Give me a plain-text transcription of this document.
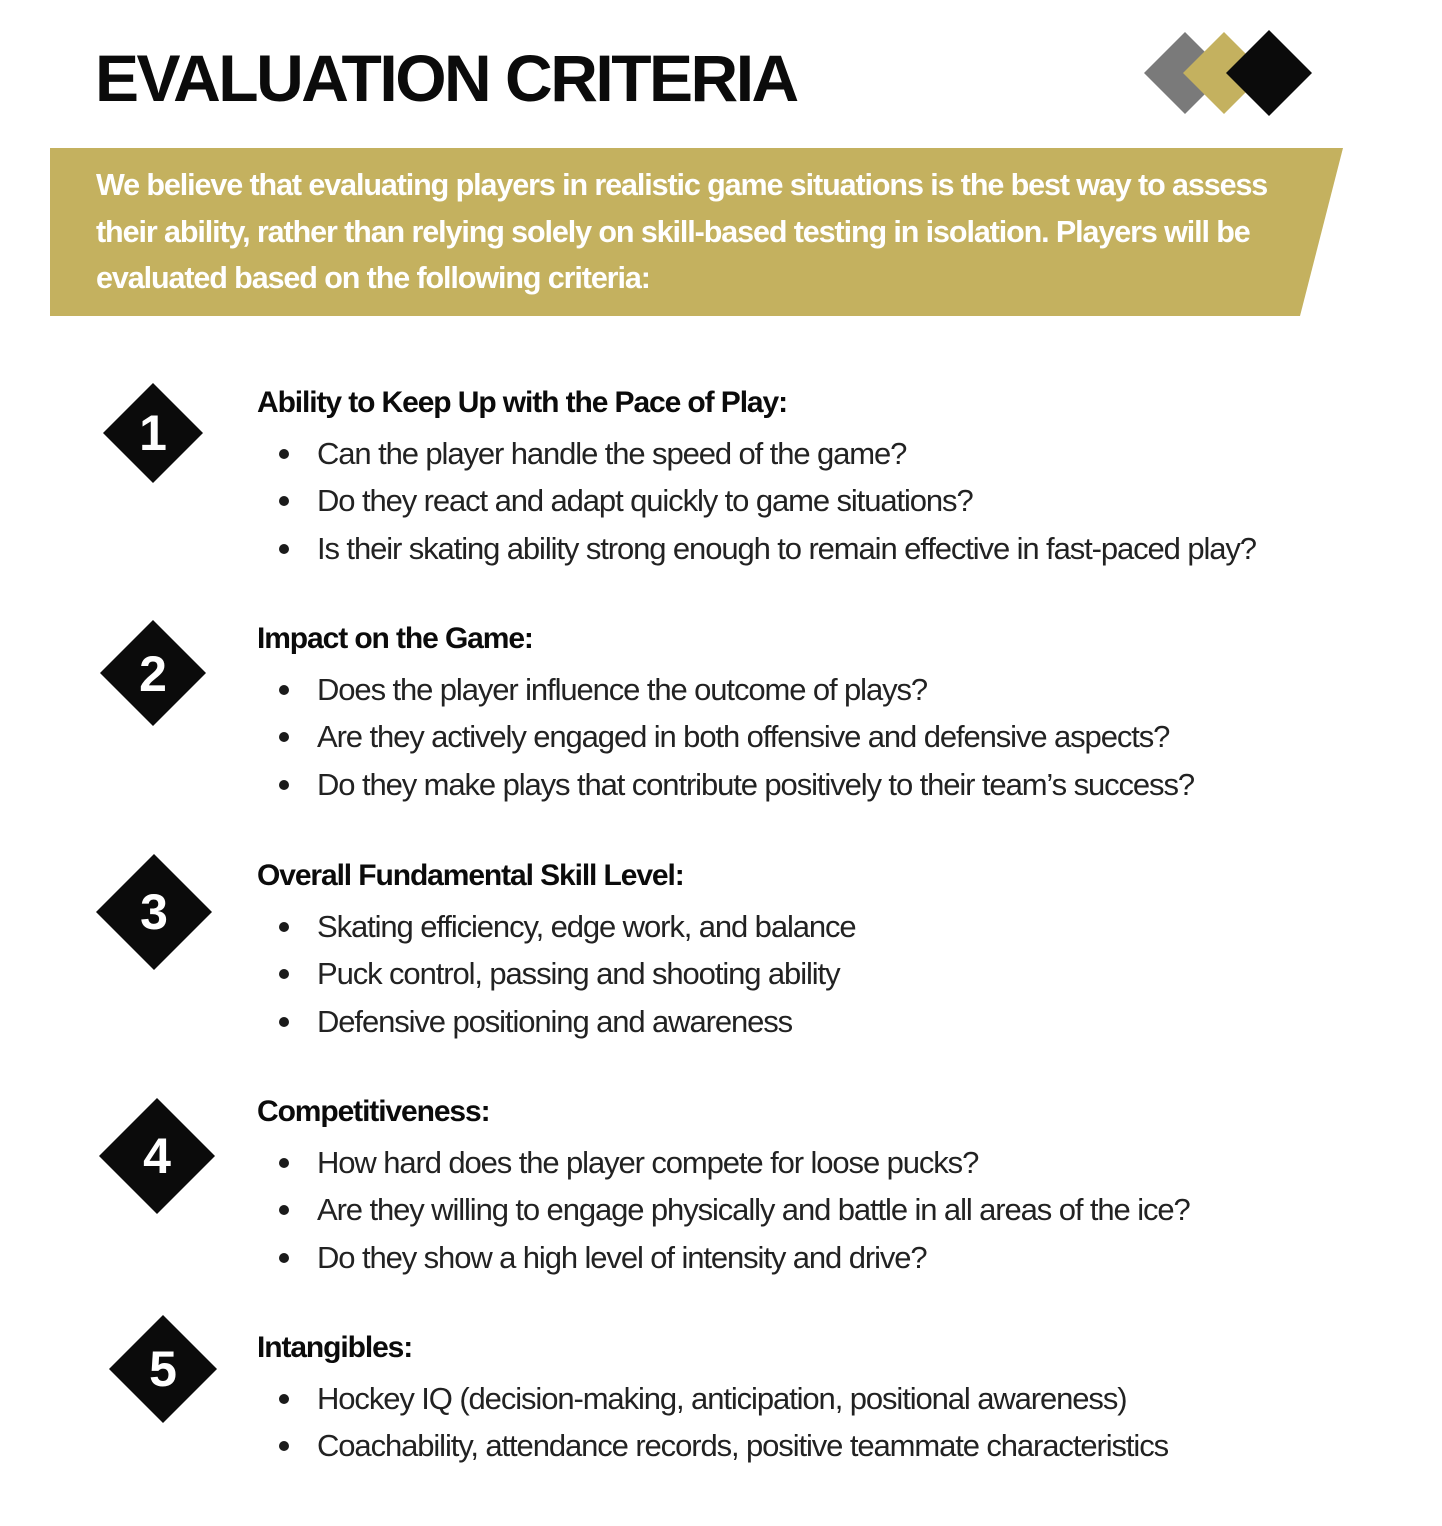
EVALUATION CRITERIA

We believe that evaluating players in realistic game situations is the best way to assess their ability, rather than relying solely on skill-based testing in isolation. Players will be evaluated based on the following criteria:

1
Ability to Keep Up with the Pace of Play:
Can the player handle the speed of the game?
Do they react and adapt quickly to game situations?
Is their skating ability strong enough to remain effective in fast-paced play?
2
Impact on the Game:
Does the player influence the outcome of plays?
Are they actively engaged in both offensive and defensive aspects?
Do they make plays that contribute positively to their team’s success?
3
Overall Fundamental Skill Level:
Skating efficiency, edge work, and balance
Puck control, passing and shooting ability
Defensive positioning and awareness
4
Competitiveness:
How hard does the player compete for loose pucks?
Are they willing to engage physically and battle in all areas of the ice?
Do they show a high level of intensity and drive?
5	Intangibles:
Hockey IQ (decision-making, anticipation, positional awareness)
Coachability, attendance records, positive teammate characteristics
